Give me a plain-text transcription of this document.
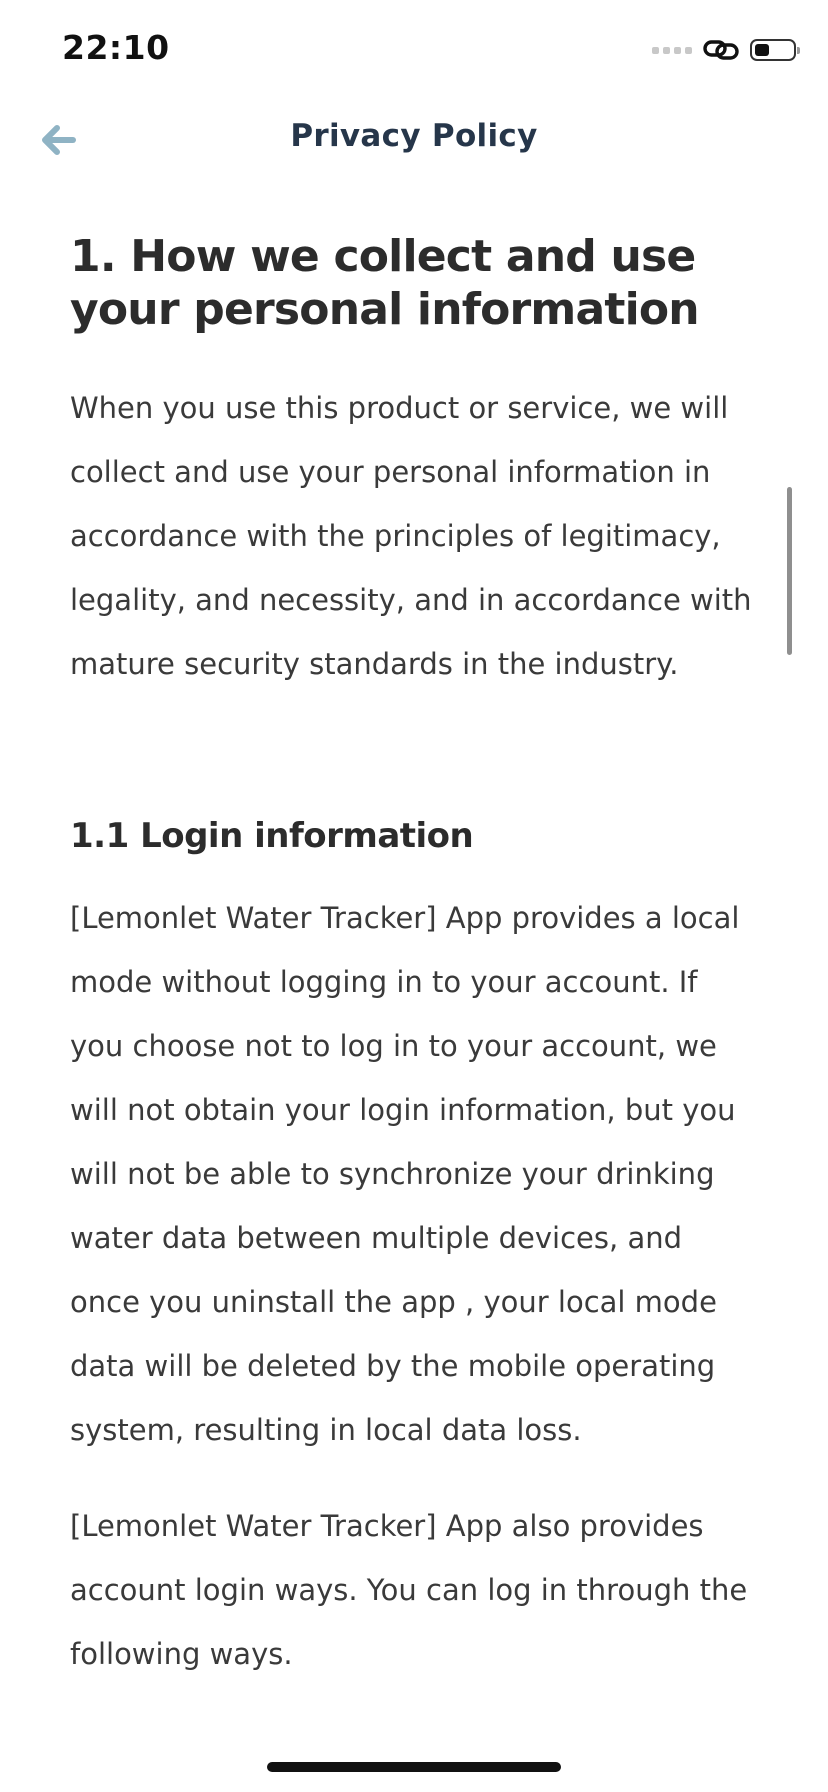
22:10
Privacy Policy
1. How we collect and use your personal information

When you use this product or service, we will collect and use your personal information in accordance with the principles of legitimacy, legality, and necessity, and in accordance with mature security standards in the industry.

1.1 Login information

[Lemonlet Water Tracker] App provides a local mode without logging in to your account. If you choose not to log in to your account, we will not obtain your login information, but you will not be able to synchronize your drinking water data between multiple devices, and once you uninstall the app , your local mode data will be deleted by the mobile operating system, resulting in local data loss.

[Lemonlet Water Tracker] App also provides account login ways. You can log in through the following ways.
